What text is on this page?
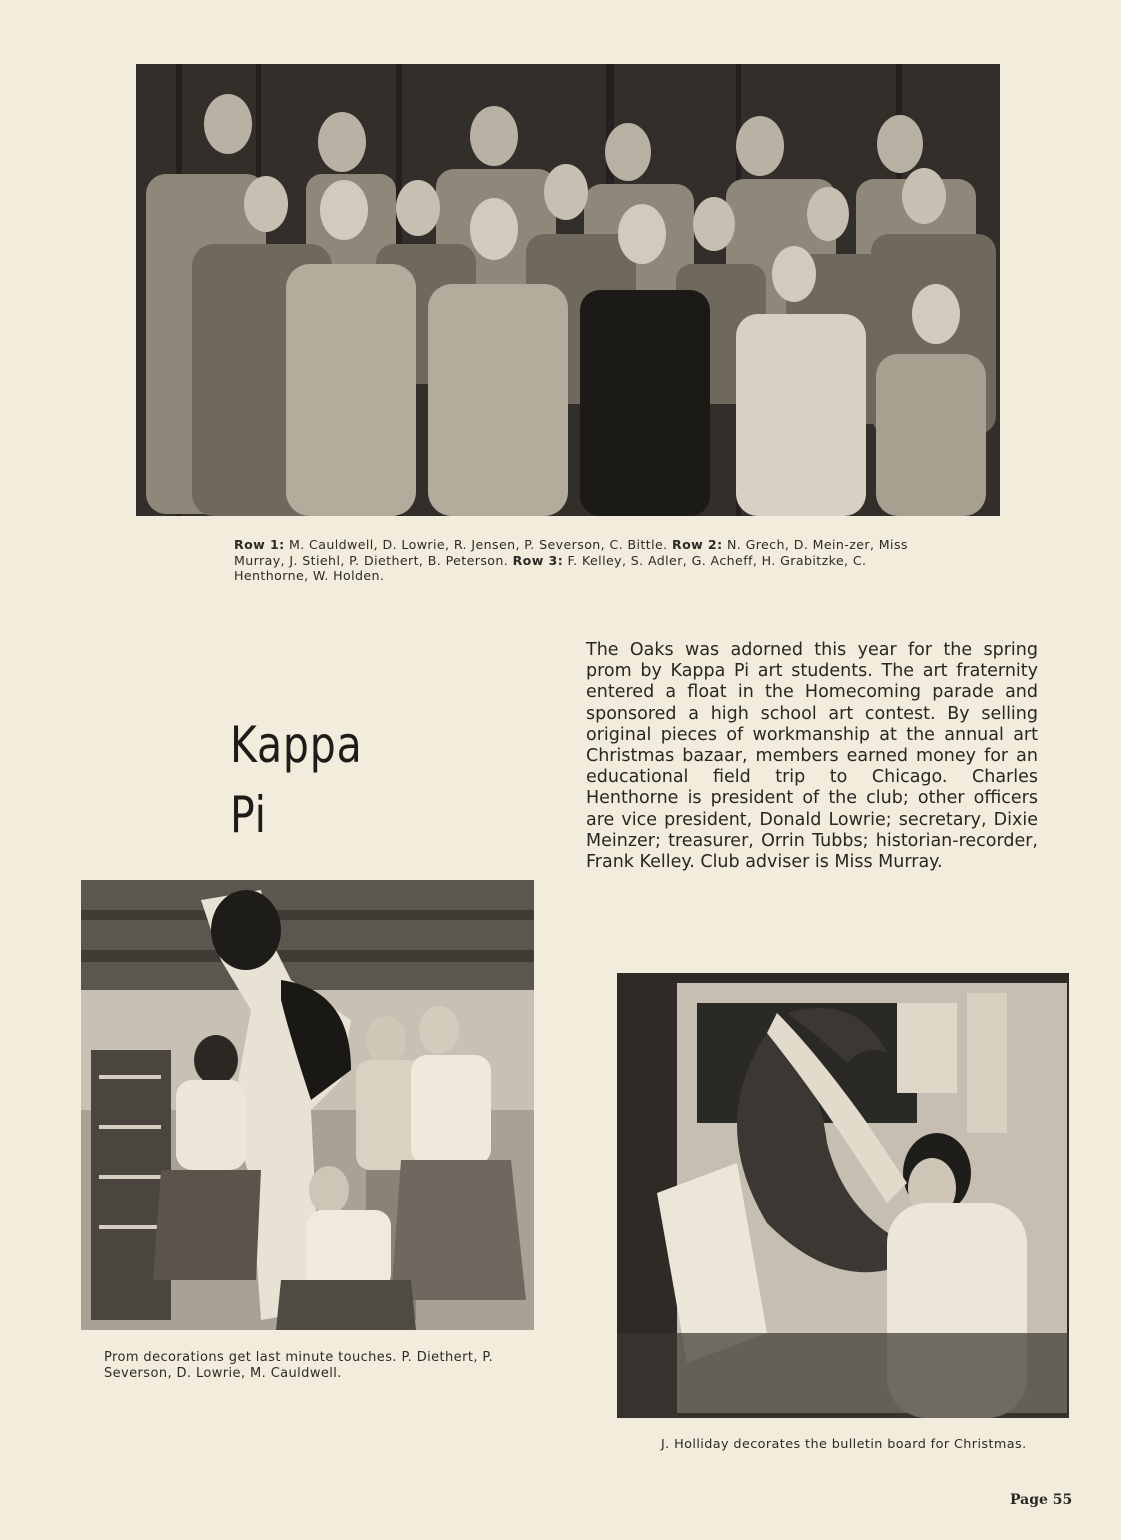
Row 1: M. Cauldwell, D. Lowrie, R. Jensen, P. Severson, C. Bittle. Row 2: N. Grech, D. Mein-zer, Miss Murray, J. Stiehl, P. Diethert, B. Peterson. Row 3: F. Kelley, S. Adler, G. Acheff, H. Grabitzke, C. Henthorne, W. Holden.
Kappa Pi
The Oaks was adorned this year for the spring prom by Kappa Pi art students. The art fraternity entered a float in the Homecoming parade and sponsored a high school art contest. By selling original pieces of workmanship at the annual art Christmas bazaar, members earned money for an educational field trip to Chicago. Charles Henthorne is president of the club; other officers are vice president, Donald Lowrie; secretary, Dixie Meinzer; treasurer, Orrin Tubbs; historian-recorder, Frank Kelley. Club adviser is Miss Murray.
Prom decorations get last minute touches. P. Diethert, P. Severson, D. Lowrie, M. Cauldwell.
J. Holliday decorates the bulletin board for Christmas.
Page 55
